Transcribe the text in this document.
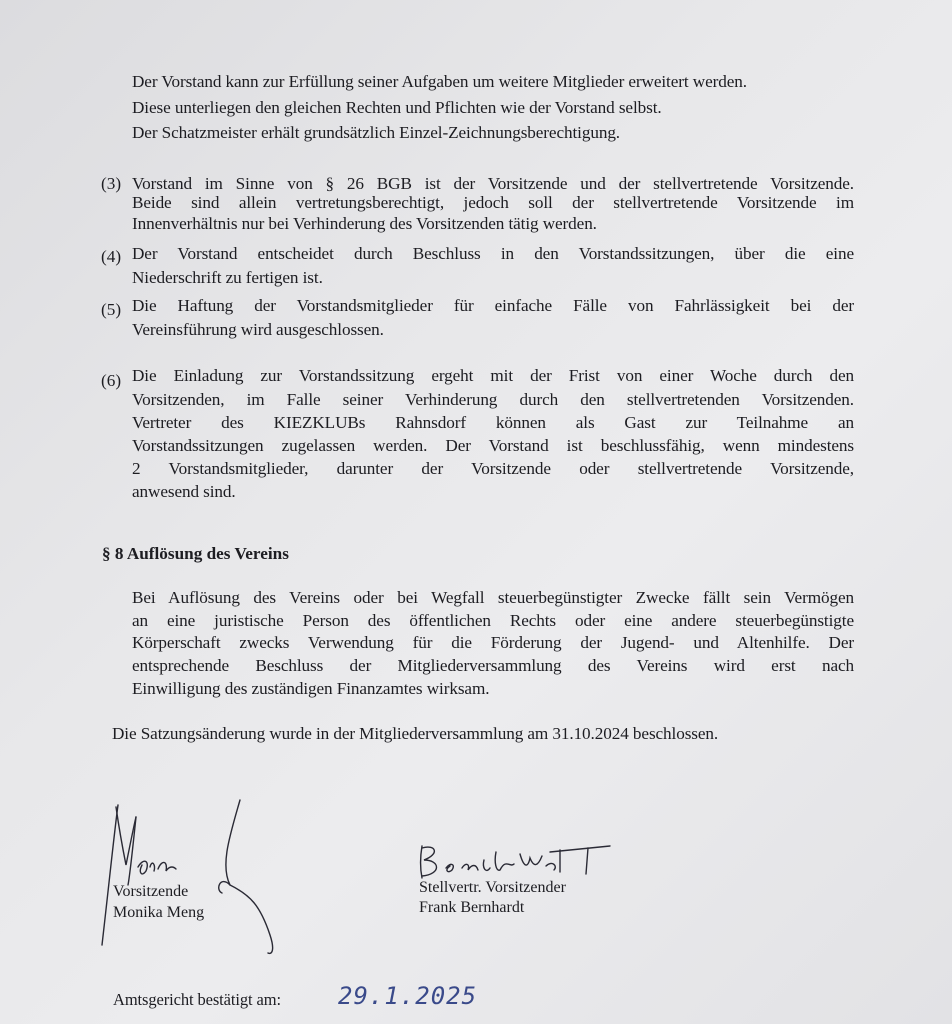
Der Vorstand kann zur Erfüllung seiner Aufgaben um weitere Mitglieder erweitert werden.
Diese unterliegen den gleichen Rechten und Pflichten wie der Vorstand selbst.
Der Schatzmeister erhält grundsätzlich Einzel-Zeichnungsberechtigung.
(3) Vorstand im Sinne von § 26 BGB ist der Vorsitzende und der stellvertretende Vorsitzende.
Beide sind allein vertretungsberechtigt, jedoch soll der stellvertretende Vorsitzende im
Innenverhältnis nur bei Verhinderung des Vorsitzenden tätig werden.
(4) Der Vorstand entscheidet durch Beschluss in den Vorstandssitzungen, über die eine
Niederschrift zu fertigen ist.
(5) Die Haftung der Vorstandsmitglieder für einfache Fälle von Fahrlässigkeit bei der
Vereinsführung wird ausgeschlossen.
(6) Die Einladung zur Vorstandssitzung ergeht mit der Frist von einer Woche durch den
Vorsitzenden, im Falle seiner Verhinderung durch den stellvertretenden Vorsitzenden.
Vertreter des KIEZKLUBs Rahnsdorf können als Gast zur Teilnahme an
Vorstandssitzungen zugelassen werden. Der Vorstand ist beschlussfähig, wenn mindestens
2 Vorstandsmitglieder, darunter der Vorsitzende oder stellvertretende Vorsitzende,
anwesend sind.
§ 8 Auflösung des Vereins
Bei Auflösung des Vereins oder bei Wegfall steuerbegünstigter Zwecke fällt sein Vermögen
an eine juristische Person des öffentlichen Rechts oder eine andere steuerbegünstigte
Körperschaft zwecks Verwendung für die Förderung der Jugend- und Altenhilfe. Der
entsprechende Beschluss der Mitgliederversammlung des Vereins wird erst nach
Einwilligung des zuständigen Finanzamtes wirksam.
Die Satzungsänderung wurde in der Mitgliederversammlung am 31.10.2024 beschlossen.
Vorsitzende
Monika Meng
Stellvertr. Vorsitzender
Frank Bernhardt
Amtsgericht bestätigt am: 29.1.2025
